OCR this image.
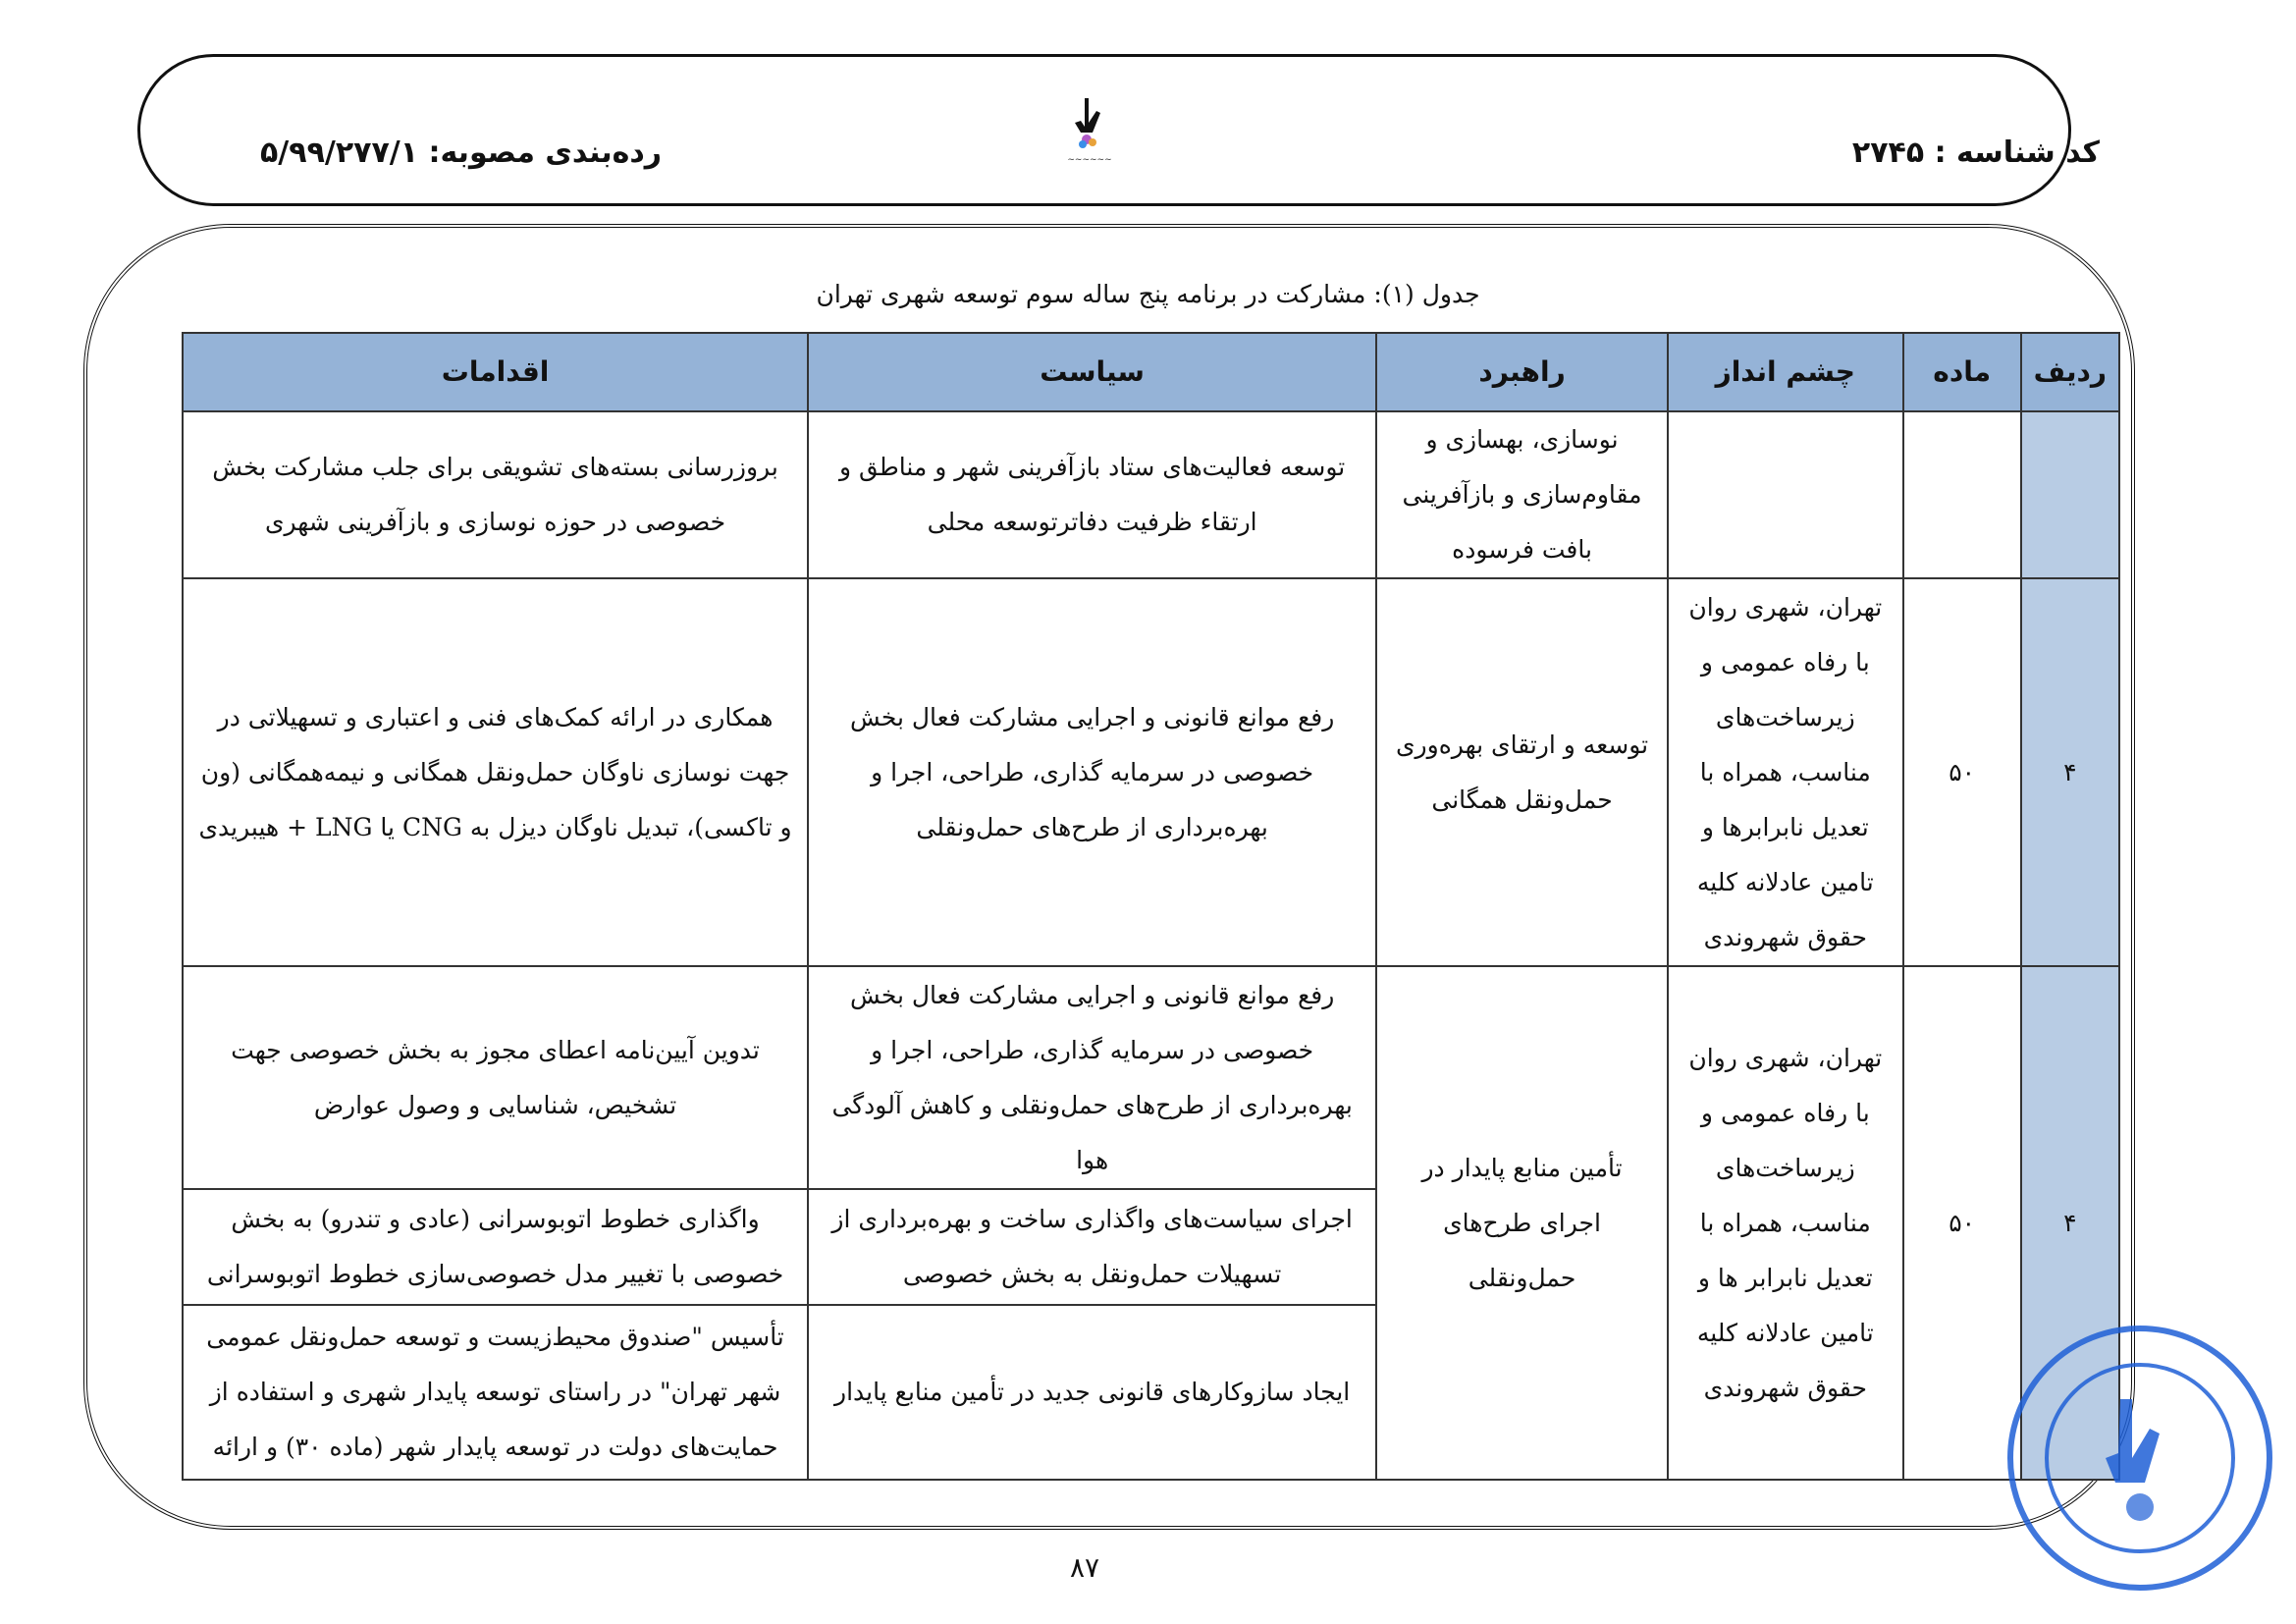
کد شناسه : ۲۷۴۵
رده‌بندی مصوبه: ۵/۹۹/۲۷۷/۱	~~~~~~
جدول (۱): مشارکت در برنامه پنج ساله سوم توسعه شهری تهران
ردیف	ماده	چشم انداز	راهبرد	سیاست	اقدامات
			نوسازی، بهسازی و مقاوم‌سازی و بازآفرینی بافت فرسوده	توسعه فعالیت‌های ستاد بازآفرینی شهر و مناطق و ارتقاء ظرفیت دفاترتوسعه محلی	بروزرسانی بسته‌های تشویقی برای جلب مشارکت بخش خصوصی در حوزه نوسازی و بازآفرینی شهری
۴	۵۰	تهران، شهری روان با رفاه عمومی و زیرساخت‌های مناسب، همراه با تعدیل نابرابرها و تامین عادلانه کلیه حقوق شهروندی	توسعه و ارتقای بهره‌وری حمل‌ونقل همگانی	رفع موانع قانونی و اجرایی مشارکت فعال بخش خصوصی در سرمایه گذاری، طراحی، اجرا و بهره‌برداری از طرح‌های حمل‌ونقلی	همکاری در ارائه کمک‌های فنی و اعتباری و تسهیلاتی در جهت نوسازی ناوگان حمل‌ونقل همگانی و نیمه‌همگانی (ون و تاکسی)، تبدیل ناوگان دیزل به CNG یا LNG + هیبریدی
۴	۵۰	تهران، شهری روان با رفاه عمومی و زیرساخت‌های مناسب، همراه با تعدیل نابرابر ها و تامین عادلانه کلیه حقوق شهروندی	تأمین منابع پایدار در اجرای طرح‌های حمل‌ونقلی	رفع موانع قانونی و اجرایی مشارکت فعال بخش خصوصی در سرمایه گذاری، طراحی، اجرا و بهره‌برداری از طرح‌های حمل‌ونقلی و کاهش آلودگی هوا	تدوین آیین‌نامه اعطای مجوز به بخش خصوصی جهت تشخیص، شناسایی و وصول عوارض
				اجرای سیاست‌های واگذاری ساخت و بهره‌برداری از تسهیلات حمل‌ونقل به بخش خصوصی	واگذاری خطوط اتوبوسرانی (عادی و تندرو) به بخش خصوصی با تغییر مدل خصوصی‌سازی خطوط اتوبوسرانی
				ایجاد سازوکارهای قانونی جدید در تأمین منابع پایدار	تأسیس "صندوق محیط‌زیست و توسعه حمل‌ونقل عمومی شهر تهران" در راستای توسعه پایدار شهری و استفاده از حمایت‌های دولت در توسعه پایدار شهر (ماده ۳۰) و ارائه
۸۷
